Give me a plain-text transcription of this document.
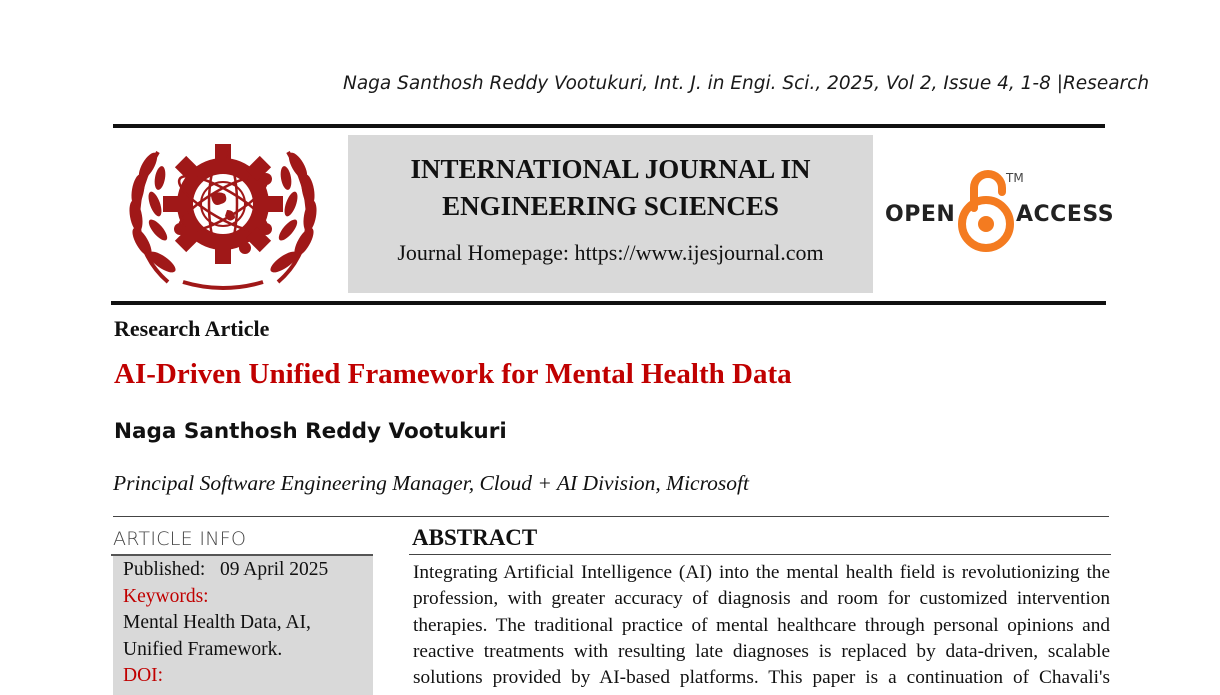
Naga Santhosh Reddy Vootukuri, Int. J. in Engi. Sci., 2025, Vol 2, Issue 4, 1-8 |Research
INTERNATIONAL JOURNAL IN
ENGINEERING SCIENCES
Journal Homepage: https://www.ijesjournal.com
OPEN
TM
ACCESS
Research Article
AI-Driven Unified Framework for Mental Health Data
Naga Santhosh Reddy Vootukuri
Principal Software Engineering Manager, Cloud + AI Division, Microsoft
ARTICLE INFO
Published: 09 April 2025
Keywords:
Mental Health Data, AI,
Unified Framework.
DOI:
ABSTRACT
Integrating Artificial Intelligence (AI) into the mental health field is revolutionizing the
profession, with greater accuracy of diagnosis and room for customized intervention
therapies. The traditional practice of mental healthcare through personal opinions and
reactive treatments with resulting late diagnoses is replaced by data-driven, scalable
solutions provided by AI-based platforms. This paper is a continuation of Chavali's
